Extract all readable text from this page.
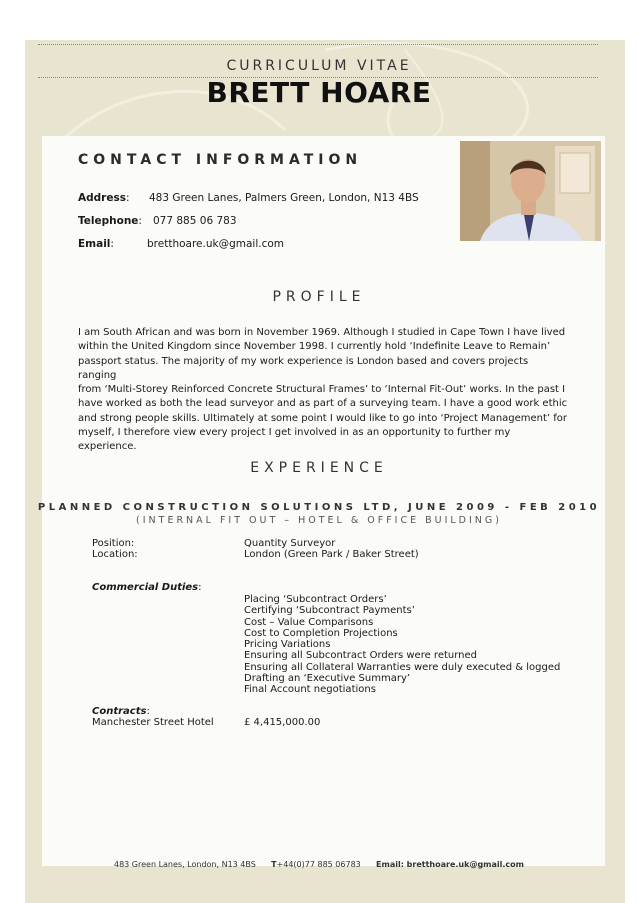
CURRICULUM VITAE
BRETT HOARE
CONTACT INFORMATION
Address: 483 Green Lanes, Palmers Green, London, N13 4BS
Telephone: 077 885 06 783
Email:	bretthoare.uk@gmail.com
PROFILE
I am South African and was born in November 1969. Although I studied in Cape Town I have lived
within the United Kingdom since November 1998. I currently hold ‘Indefinite Leave to Remain’
passport status. The majority of my work experience is London based and covers projects ranging
from ‘Multi-Storey Reinforced Concrete Structural Frames’ to ‘Internal Fit-Out’ works. In the past I
have worked as both the lead surveyor and as part of a surveying team. I have a good work ethic
and strong people skills. Ultimately at some point I would like to go into ‘Project Management’ for
myself, I therefore view every project I get involved in as an opportunity to further my experience.
EXPERIENCE
PLANNED CONSTRUCTION SOLUTIONS LTD, JUNE 2009 - FEB 2010
(INTERNAL FIT OUT – HOTEL & OFFICE BUILDING)
Position:	Quantity Surveyor
Location:	London (Green Park / Baker Street)
Commercial Duties:
Placing ‘Subcontract Orders’
Certifying ‘Subcontract Payments’
Cost – Value Comparisons
Cost to Completion Projections
Pricing Variations
Ensuring all Subcontract Orders were returned
Ensuring all Collateral Warranties were duly executed & logged
Drafting an ‘Executive Summary’
Final Account negotiations
Contracts:
Manchester Street Hotel	£ 4,415,000.00
483 Green Lanes, London, N13 4BS T+44(0)77 885 06783 Email: bretthoare.uk@gmail.com
